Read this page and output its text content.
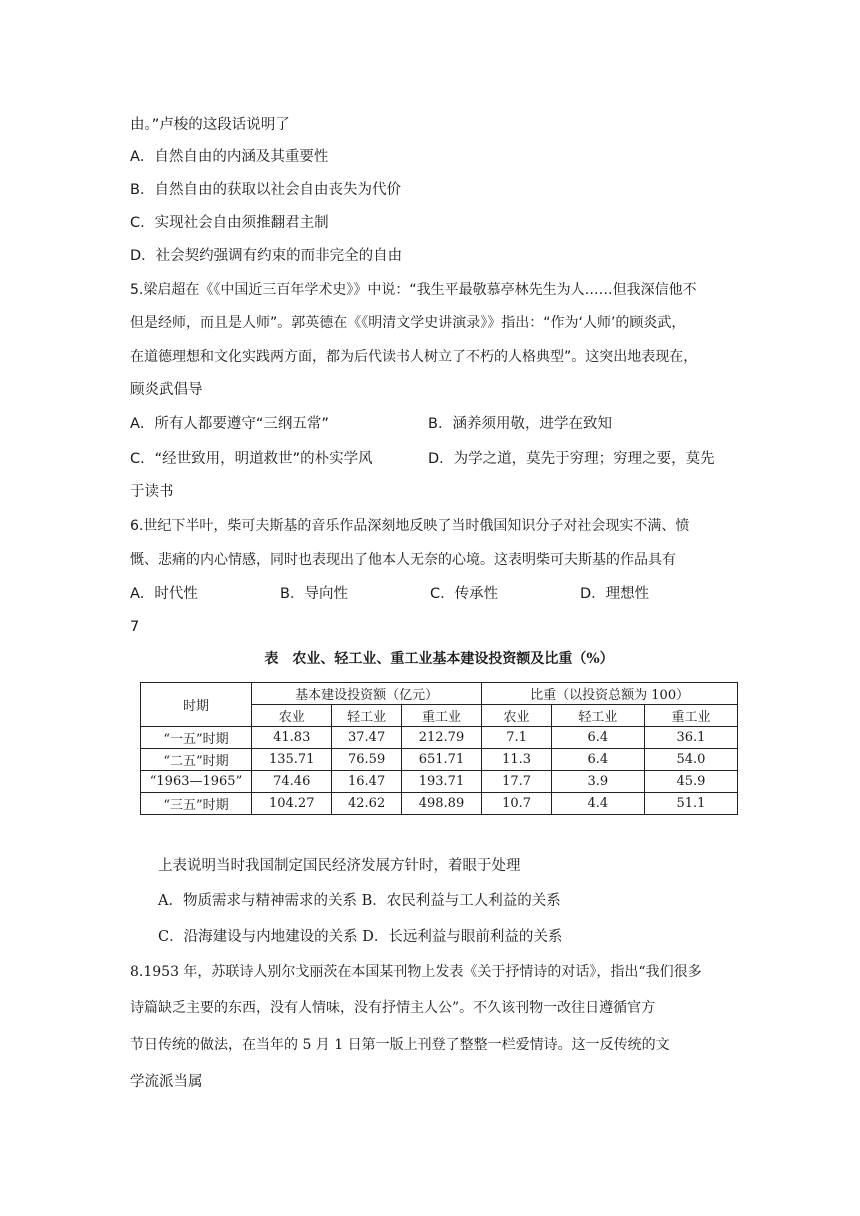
由。”卢梭的这段话说明了
A．自然自由的内涵及其重要性
B．自然自由的获取以社会自由丧失为代价
C．实现社会自由须推翻君主制
D．社会契约强调有约束的而非完全的自由
5.梁启超在《《中国近三百年学术史》》中说：“我生平最敬慕亭林先生为人……但我深信他不
但是经师，而且是人师”。郭英德在《《明清文学史讲演录》》指出：“作为‘人师’的顾炎武，
在道德理想和文化实践两方面，都为后代读书人树立了不朽的人格典型”。这突出地表现在，
顾炎武倡导
A．所有人都要遵守“三纲五常”	B．涵养须用敬，进学在致知
C．“经世致用，明道救世”的朴实学风	D．为学之道，莫先于穷理；穷理之要，莫先
于读书
6.世纪下半叶，柴可夫斯基的音乐作品深刻地反映了当时俄国知识分子对社会现实不满、愤
慨、悲痛的内心情感，同时也表现出了他本人无奈的心境。这表明柴可夫斯基的作品具有
A．时代性	B．导向性	C．传承性	D．理想性
7
表　农业、轻工业、重工业基本建设投资额及比重（%）
时期	基本建设投资额（亿元）			比重（以投资总额为 100）		
	农业	轻工业	重工业	农业	轻工业	重工业
“一五”时期	41.83	37.47	212.79	7.1	6.4	36.1
“二五”时期	135.71	76.59	651.71	11.3	6.4	54.0
“1963—1965”	74.46	16.47	193.71	17.7	3.9	45.9
“三五”时期	104.27	42.62	498.89	10.7	4.4	51.1
上表说明当时我国制定国民经济发展方针时，着眼于处理
A．物质需求与精神需求的关系 B．农民利益与工人利益的关系
C．沿海建设与内地建设的关系 D．长远利益与眼前利益的关系
8.1953 年，苏联诗人别尔戈丽茨在本国某刊物上发表《关于抒情诗的对话》，指出“我们很多
诗篇缺乏主要的东西，没有人情味，没有抒情主人公”。不久该刊物一改往日遵循官方
节日传统的做法，在当年的 5 月 1 日第一版上刊登了整整一栏爱情诗。这一反传统的文
学流派当属
